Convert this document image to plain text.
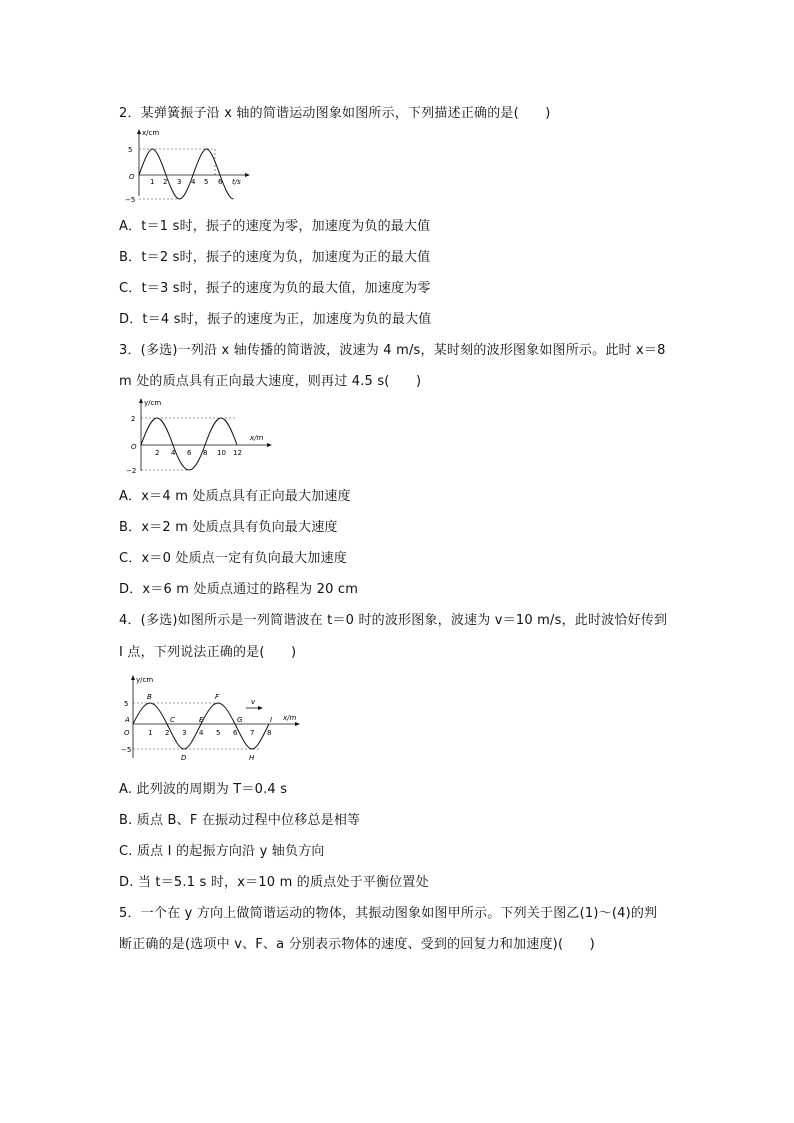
2．某弹簧振子沿 x 轴的简谐运动图象如图所示，下列描述正确的是(　　)
x/cm
t/s
O
5
−5
1 2 3 4 5 6
A．t＝1 s时，振子的速度为零，加速度为负的最大值
B．t＝2 s时，振子的速度为负，加速度为正的最大值
C．t＝3 s时，振子的速度为负的最大值，加速度为零
D．t＝4 s时，振子的速度为正，加速度为负的最大值
3．(多选)一列沿 x 轴传播的简谐波，波速为 4 m/s，某时刻的波形图象如图所示。此时 x＝8
m 处的质点具有正向最大速度，则再过 4.5 s(　　)
y/cm
x/m
O
2
−2
2 4 6 8 10 12
A．x＝4 m 处质点具有正向最大加速度
B．x＝2 m 处质点具有负向最大速度
C．x＝0 处质点一定有负向最大加速度
D．x＝6 m 处质点通过的路程为 20 cm
4．(多选)如图所示是一列简谐波在 t＝0 时的波形图象，波速为 v＝10 m/s，此时波恰好传到
I 点，下列说法正确的是(　　)
v
y/cm
x/m
O
5
−5
1 2 3 4 5 6 7 8
A
B
C
D
E
F
G
H
I
A. 此列波的周期为 T＝0.4 s
B. 质点 B、F 在振动过程中位移总是相等
C. 质点 I 的起振方向沿 y 轴负方向
D. 当 t＝5.1 s 时，x＝10 m 的质点处于平衡位置处
5．一个在 y 方向上做简谐运动的物体，其振动图象如图甲所示。下列关于图乙(1)～(4)的判
断正确的是(选项中 v、F、a 分别表示物体的速度、受到的回复力和加速度)(　　)
